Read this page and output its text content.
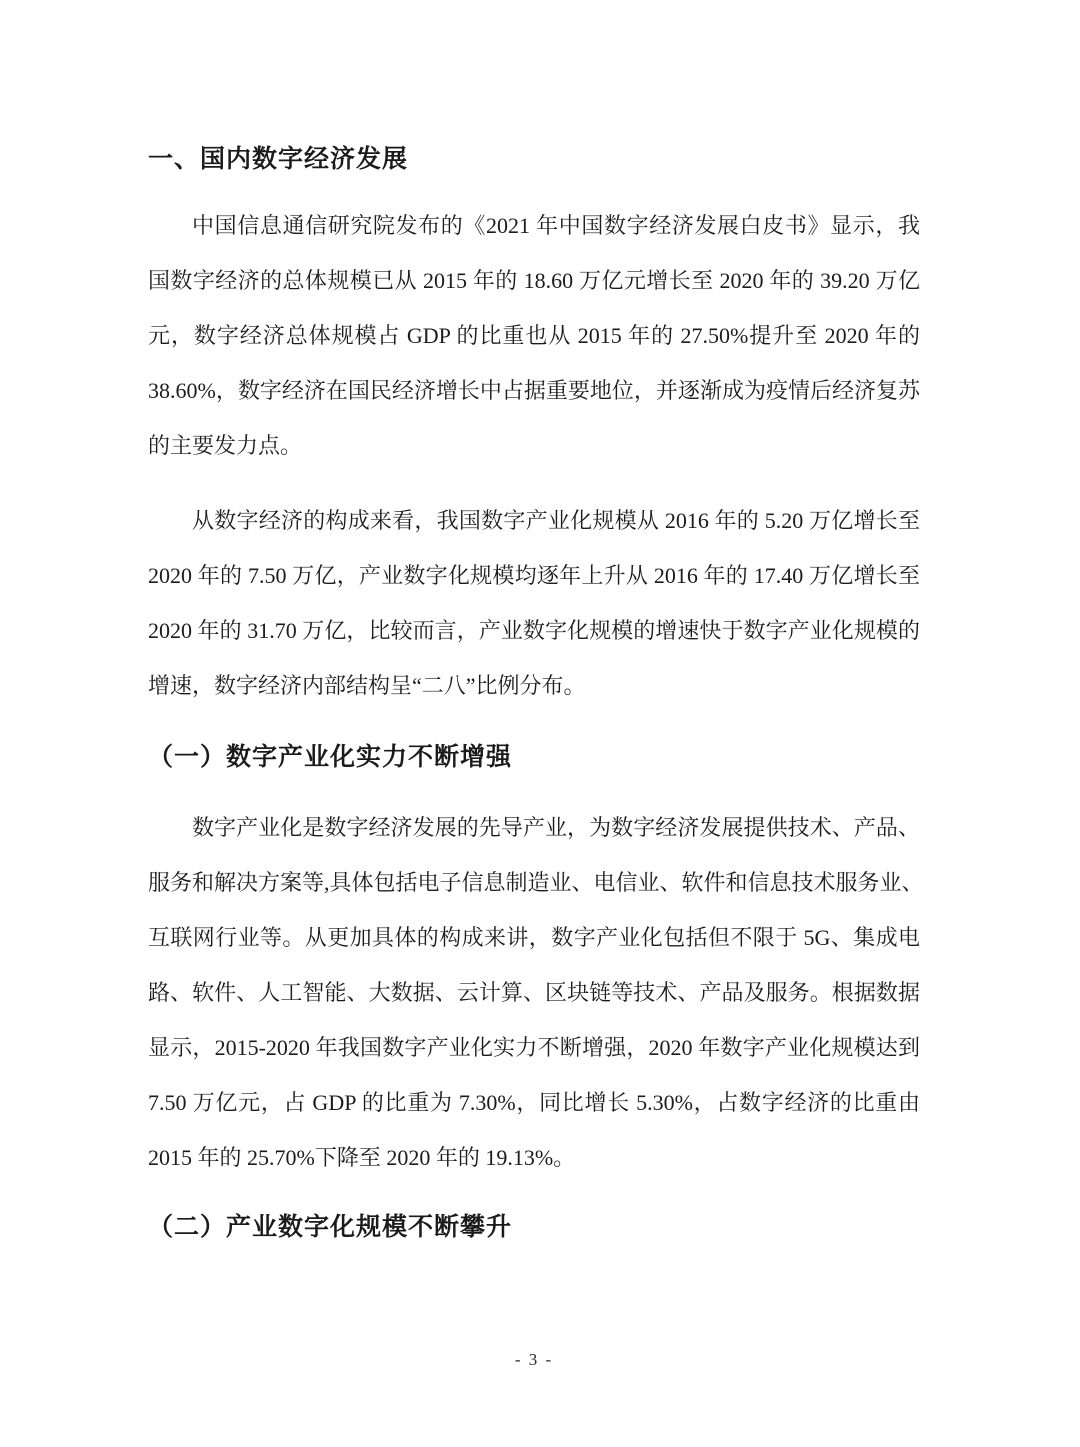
一、国内数字经济发展
中国信息通信研究院发布的《2021 年中国数字经济发展白皮书》显示，我
国数字经济的总体规模已从 2015 年的 18.60 万亿元增长至 2020 年的 39.20 万亿
元，数字经济总体规模占 GDP 的比重也从 2015 年的 27.50%提升至 2020 年的
38.60%，数字经济在国民经济增长中占据重要地位，并逐渐成为疫情后经济复苏
的主要发力点。
从数字经济的构成来看，我国数字产业化规模从 2016 年的 5.20 万亿增长至
2020 年的 7.50 万亿，产业数字化规模均逐年上升从 2016 年的 17.40 万亿增长至
2020 年的 31.70 万亿，比较而言，产业数字化规模的增速快于数字产业化规模的
增速，数字经济内部结构呈“二八”比例分布。
（一）数字产业化实力不断增强
数字产业化是数字经济发展的先导产业，为数字经济发展提供技术、产品、
服务和解决方案等,具体包括电子信息制造业、电信业、软件和信息技术服务业、
互联网行业等。从更加具体的构成来讲，数字产业化包括但不限于 5G、集成电
路、软件、人工智能、大数据、云计算、区块链等技术、产品及服务。根据数据
显示，2015-2020 年我国数字产业化实力不断增强，2020 年数字产业化规模达到
7.50 万亿元，占 GDP 的比重为 7.30%，同比增长 5.30%，占数字经济的比重由
2015 年的 25.70%下降至 2020 年的 19.13%。
（二）产业数字化规模不断攀升
- 3 -
